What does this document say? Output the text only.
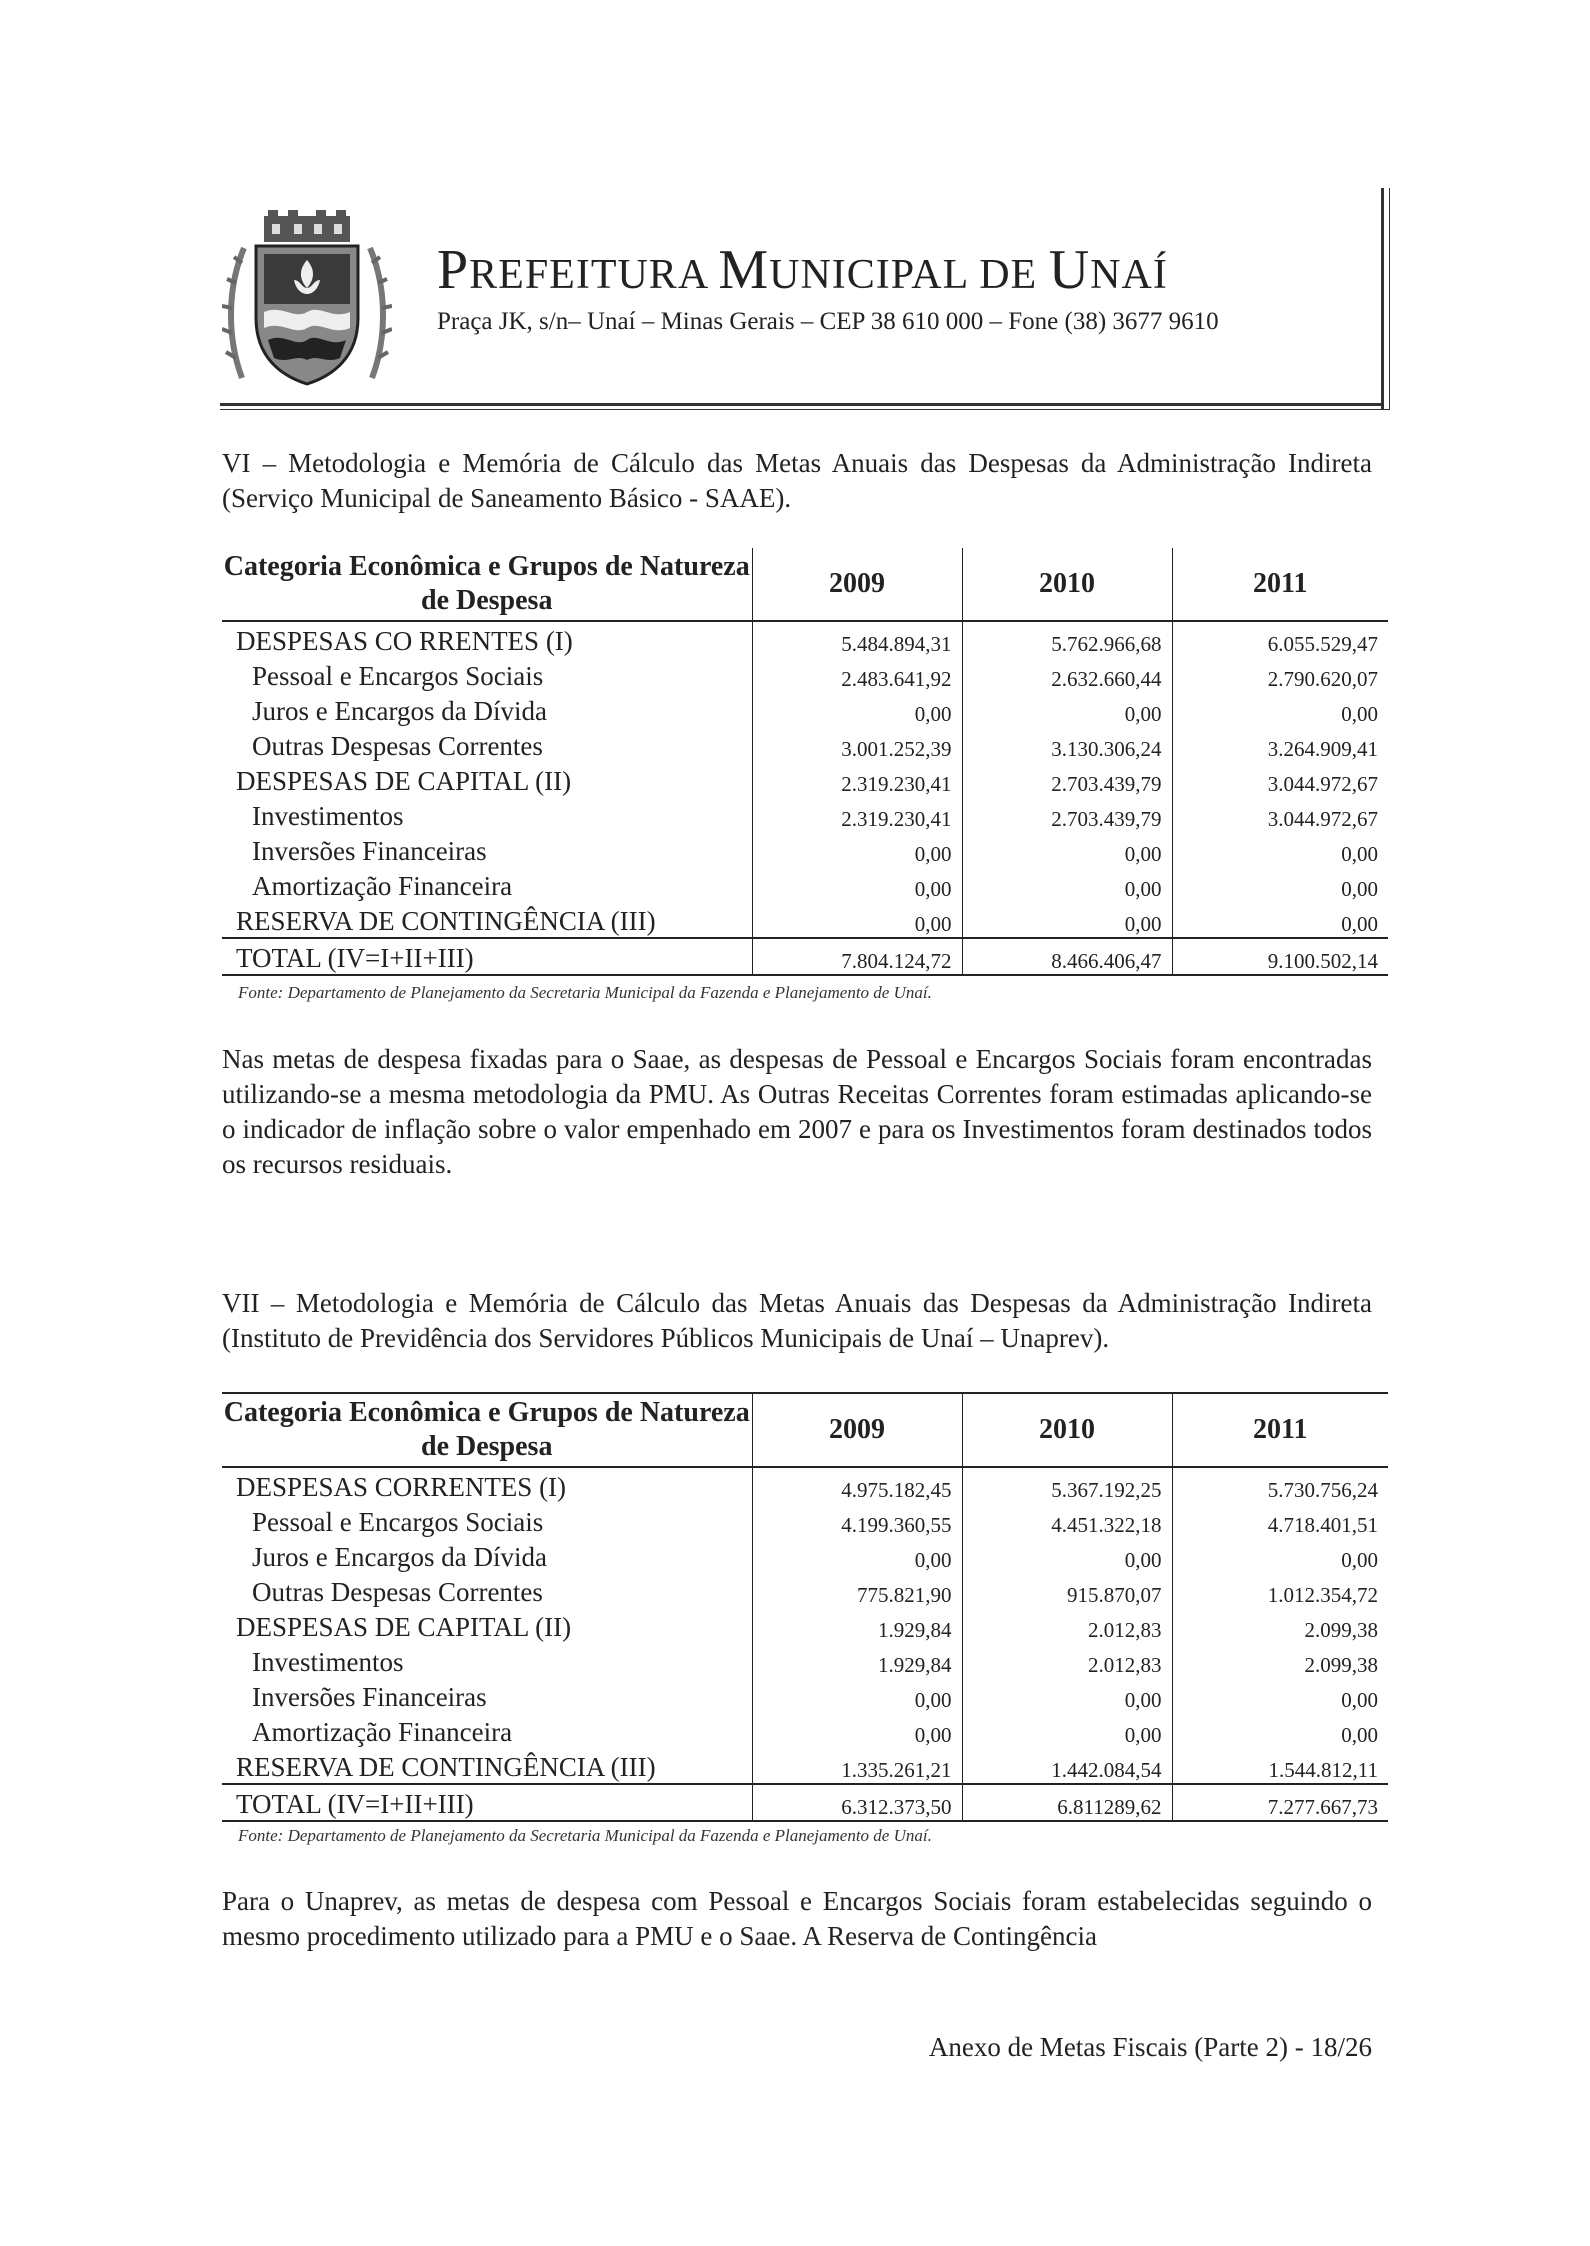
PREFEITURA MUNICIPAL DE UNAÍ
Praça JK, s/n– Unaí – Minas Gerais – CEP 38 610 000 – Fone (38) 3677 9610
VI – Metodologia e Memória de Cálculo das Metas Anuais das Despesas da Administração Indireta (Serviço Municipal de Saneamento Básico - SAAE).
Categoria Econômica e Grupos de Natureza de Despesa	2009	2010	2011
DESPESAS CO RRENTES (I)	5.484.894,31	5.762.966,68	6.055.529,47
Pessoal e Encargos Sociais	2.483.641,92	2.632.660,44	2.790.620,07
Juros e Encargos da Dívida	0,00	0,00	0,00
Outras Despesas Correntes	3.001.252,39	3.130.306,24	3.264.909,41
DESPESAS DE CAPITAL (II)	2.319.230,41	2.703.439,79	3.044.972,67
Investimentos	2.319.230,41	2.703.439,79	3.044.972,67
Inversões Financeiras	0,00	0,00	0,00
Amortização Financeira	0,00	0,00	0,00
RESERVA DE CONTINGÊNCIA (III)	0,00	0,00	0,00
TOTAL (IV=I+II+III)	7.804.124,72	8.466.406,47	9.100.502,14
Fonte: Departamento de Planejamento da Secretaria Municipal da Fazenda e Planejamento de Unaí.
Nas metas de despesa fixadas para o Saae, as despesas de Pessoal e Encargos Sociais foram encontradas utilizando-se a mesma metodologia da PMU. As Outras Receitas Correntes foram estimadas aplicando-se o indicador de inflação sobre o valor empenhado em 2007 e para os Investimentos foram destinados todos os recursos residuais.
VII – Metodologia e Memória de Cálculo das Metas Anuais das Despesas da Administração Indireta (Instituto de Previdência dos Servidores Públicos Municipais de Unaí – Unaprev).
Categoria Econômica e Grupos de Natureza de Despesa	2009	2010	2011
DESPESAS CORRENTES (I)	4.975.182,45	5.367.192,25	5.730.756,24
Pessoal e Encargos Sociais	4.199.360,55	4.451.322,18	4.718.401,51
Juros e Encargos da Dívida	0,00	0,00	0,00
Outras Despesas Correntes	775.821,90	915.870,07	1.012.354,72
DESPESAS DE CAPITAL (II)	1.929,84	2.012,83	2.099,38
Investimentos	1.929,84	2.012,83	2.099,38
Inversões Financeiras	0,00	0,00	0,00
Amortização Financeira	0,00	0,00	0,00
RESERVA DE CONTINGÊNCIA (III)	1.335.261,21	1.442.084,54	1.544.812,11
TOTAL (IV=I+II+III)	6.312.373,50	6.811289,62	7.277.667,73
Fonte: Departamento de Planejamento da Secretaria Municipal da Fazenda e Planejamento de Unaí.
Para o Unaprev, as metas de despesa com Pessoal e Encargos Sociais foram estabelecidas seguindo o mesmo procedimento utilizado para a PMU e o Saae. A Reserva de Contingência
Anexo de Metas Fiscais (Parte 2) - 18/26
